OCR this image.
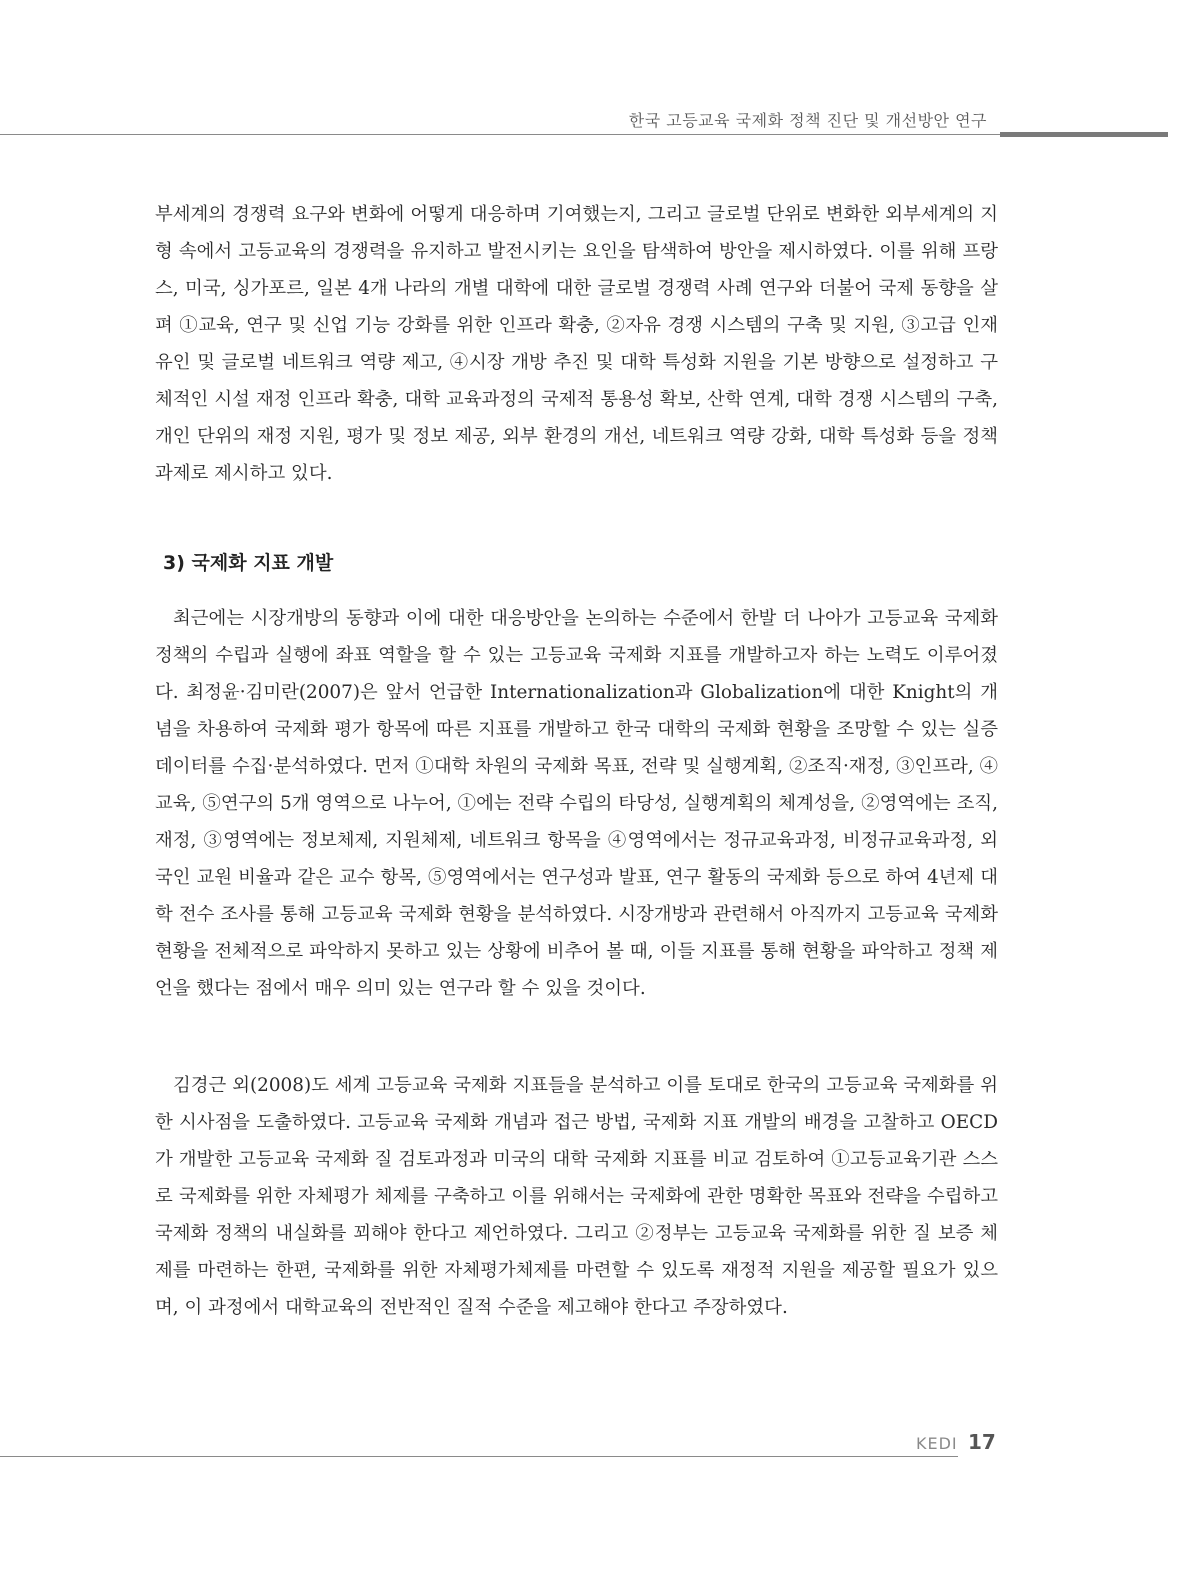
한국 고등교육 국제화 정책 진단 및 개선방안 연구

부세계의 경쟁력 요구와 변화에 어떻게 대응하며 기여했는지, 그리고 글로벌 단위로 변화한 외부세계의 지형 속에서 고등교육의 경쟁력을 유지하고 발전시키는 요인을 탐색하여 방안을 제시하였다. 이를 위해 프랑스, 미국, 싱가포르, 일본 4개 나라의 개별 대학에 대한 글로벌 경쟁력 사례 연구와 더불어 국제 동향을 살펴 ①교육, 연구 및 신업 기능 강화를 위한 인프라 확충, ②자유 경쟁 시스템의 구축 및 지원, ③고급 인재 유인 및 글로벌 네트워크 역량 제고, ④시장 개방 추진 및 대학 특성화 지원을 기본 방향으로 설정하고 구체적인 시설 재정 인프라 확충, 대학 교육과정의 국제적 통용성 확보, 산학 연계, 대학 경쟁 시스템의 구축, 개인 단위의 재정 지원, 평가 및 정보 제공, 외부 환경의 개선, 네트워크 역량 강화, 대학 특성화 등을 정책과제로 제시하고 있다.

3) 국제화 지표 개발

최근에는 시장개방의 동향과 이에 대한 대응방안을 논의하는 수준에서 한발 더 나아가 고등교육 국제화 정책의 수립과 실행에 좌표 역할을 할 수 있는 고등교육 국제화 지표를 개발하고자 하는 노력도 이루어졌다. 최정윤·김미란(2007)은 앞서 언급한 Internationalization과 Globalization에 대한 Knight의 개념을 차용하여 국제화 평가 항목에 따른 지표를 개발하고 한국 대학의 국제화 현황을 조망할 수 있는 실증 데이터를 수집·분석하였다. 먼저 ①대학 차원의 국제화 목표, 전략 및 실행계획, ②조직·재정, ③인프라, ④교육, ⑤연구의 5개 영역으로 나누어, ①에는 전략 수립의 타당성, 실행계획의 체계성을, ②영역에는 조직, 재정, ③영역에는 정보체제, 지원체제, 네트워크 항목을 ④영역에서는 정규교육과정, 비정규교육과정, 외국인 교원 비율과 같은 교수 항목, ⑤영역에서는 연구성과 발표, 연구 활동의 국제화 등으로 하여 4년제 대학 전수 조사를 통해 고등교육 국제화 현황을 분석하였다. 시장개방과 관련해서 아직까지 고등교육 국제화 현황을 전체적으로 파악하지 못하고 있는 상황에 비추어 볼 때, 이들 지표를 통해 현황을 파악하고 정책 제언을 했다는 점에서 매우 의미 있는 연구라 할 수 있을 것이다.

김경근 외(2008)도 세계 고등교육 국제화 지표들을 분석하고 이를 토대로 한국의 고등교육 국제화를 위한 시사점을 도출하였다. 고등교육 국제화 개념과 접근 방법, 국제화 지표 개발의 배경을 고찰하고 OECD가 개발한 고등교육 국제화 질 검토과정과 미국의 대학 국제화 지표를 비교 검토하여 ①고등교육기관 스스로 국제화를 위한 자체평가 체제를 구축하고 이를 위해서는 국제화에 관한 명확한 목표와 전략을 수립하고 국제화 정책의 내실화를 꾀해야 한다고 제언하였다. 그리고 ②정부는 고등교육 국제화를 위한 질 보증 체제를 마련하는 한편, 국제화를 위한 자체평가체제를 마련할 수 있도록 재정적 지원을 제공할 필요가 있으며, 이 과정에서 대학교육의 전반적인 질적 수준을 제고해야 한다고 주장하였다.

KEDI 17
